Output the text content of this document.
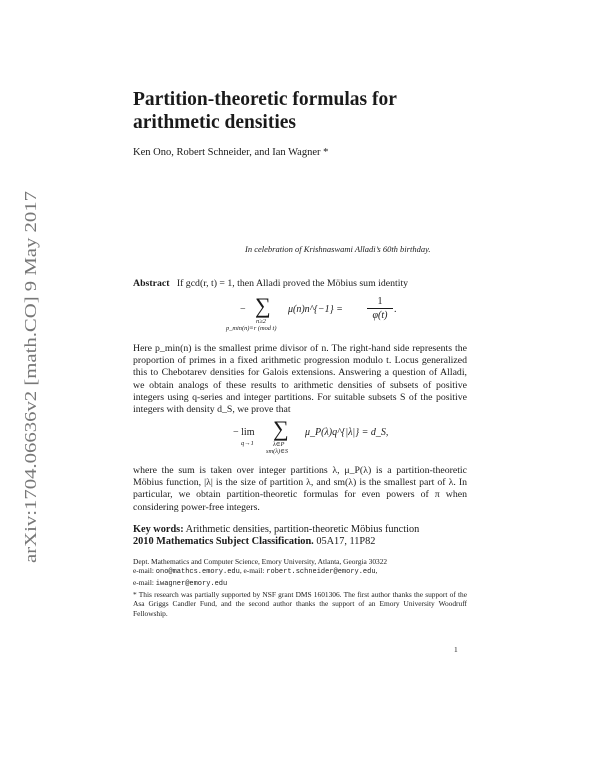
arXiv:1704.06636v2 [math.CO] 9 May 2017
Partition-theoretic formulas for
arithmetic densities
Ken Ono, Robert Schneider, and Ian Wagner *
In celebration of Krishnaswami Alladi’s 60th birthday.

Abstract If gcd(r, t) = 1, then Alladi proved the Möbius sum identity

− ∑
n≥2
p_min(n)≡r (mod t)
μ(n)n^{−1} =
1
φ(t)
.

Here p_min(n) is the smallest prime divisor of n. The right-hand side represents the proportion of primes in a fixed arithmetic progression modulo t. Locus generalized this to Chebotarev densities for Galois extensions. Answering a question of Alladi, we obtain analogs of these results to arithmetic densities of subsets of positive integers using q-series and integer partitions. For suitable subsets S of the positive integers with density d_S, we prove that

− lim
q→1
∑
λ∈P
sm(λ)∈S
μ_P(λ)q^{|λ|} = d_S,

where the sum is taken over integer partitions λ, μ_P(λ) is a partition-theoretic Möbius function, |λ| is the size of partition λ, and sm(λ) is the smallest part of λ. In particular, we obtain partition-theoretic formulas for even powers of π when considering power-free integers.

Key words: Arithmetic densities, partition-theoretic Möbius function
2010 Mathematics Subject Classification. 05A17, 11P82
Dept. Mathematics and Computer Science, Emory University, Atlanta, Georgia 30322
e-mail: ono@mathcs.emory.edu, e-mail: robert.schneider@emory.edu,
e-mail: iwagner@emory.edu
* This research was partially supported by NSF grant DMS 1601306. The first author thanks the support of the Asa Griggs Candler Fund, and the second author thanks the support of an Emory University Woodruff Fellowship.
1
